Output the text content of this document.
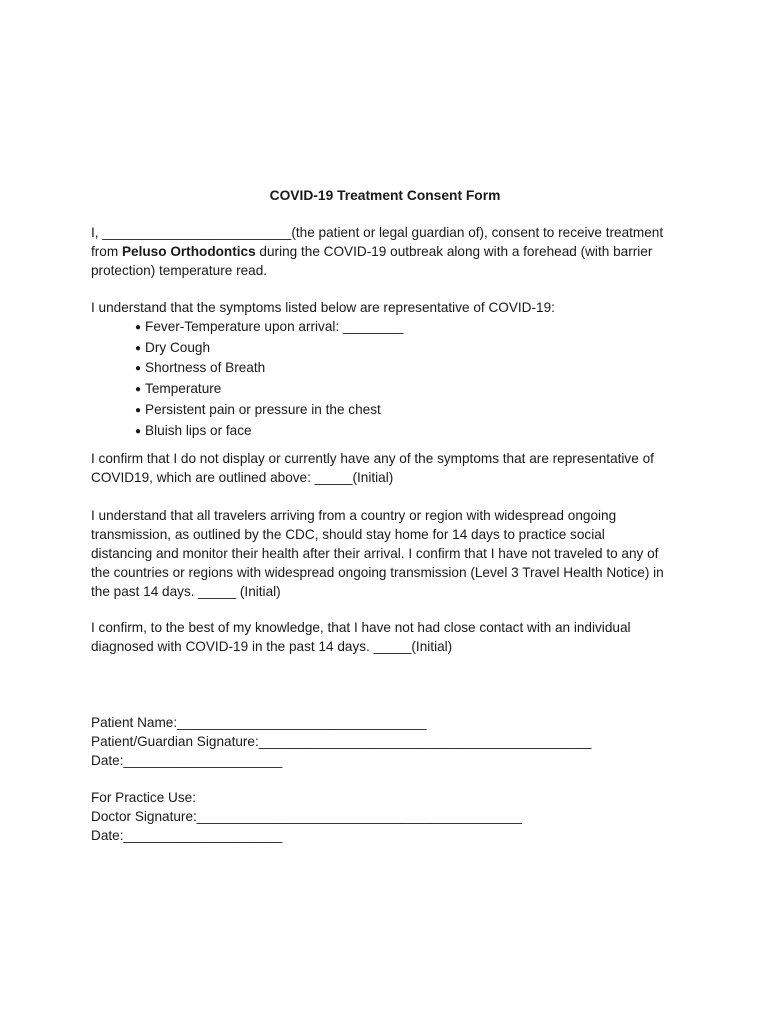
COVID-19 Treatment Consent Form

I, _________________________(the patient or legal guardian of), consent to receive treatment

from Peluso Orthodontics during the COVID-19 outbreak along with a forehead (with barrier

protection) temperature read.

I understand that the symptoms listed below are representative of COVID-19:

● Fever-Temperature upon arrival: ________
● Dry Cough
● Shortness of Breath
● Temperature
● Persistent pain or pressure in the chest
● Bluish lips or face

I confirm that I do not display or currently have any of the symptoms that are representative of

COVID19, which are outlined above: _____(Initial)

I understand that all travelers arriving from a country or region with widespread ongoing

transmission, as outlined by the CDC, should stay home for 14 days to practice social

distancing and monitor their health after their arrival. I confirm that I have not traveled to any of

the countries or regions with widespread ongoing transmission (Level 3 Travel Health Notice) in

the past 14 days. _____ (Initial)

I confirm, to the best of my knowledge, that I have not had close contact with an individual

diagnosed with COVID-19 in the past 14 days. _____(Initial)

Patient Name:_________________________________

Patient/Guardian Signature:____________________________________________

Date:_____________________

For Practice Use:

Doctor Signature:___________________________________________

Date:_____________________
